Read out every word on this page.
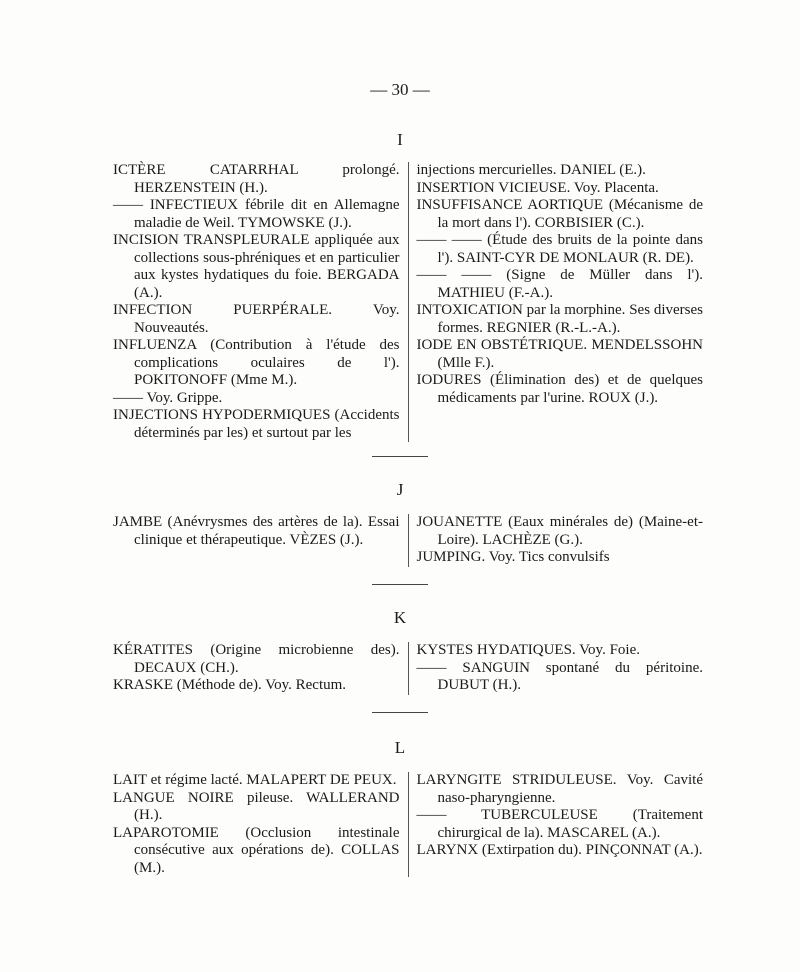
— 30 —
I

ICTÈRE CATARRHAL prolongé. HERZENSTEIN (H.).

—— INFECTIEUX fébrile dit en Allemagne maladie de Weil. TYMOWSKE (J.).

INCISION TRANSPLEURALE appliquée aux collections sous-phréniques et en particulier aux kystes hydatiques du foie. BERGADA (A.).

INFECTION PUERPÉRALE. Voy. Nouveautés.

INFLUENZA (Contribution à l'étude des complications oculaires de l'). POKITONOFF (Mme M.).

—— Voy. Grippe.

INJECTIONS HYPODERMIQUES (Accidents déterminés par les) et surtout par les

injections mercurielles. DANIEL (E.).

INSERTION VICIEUSE. Voy. Placenta.

INSUFFISANCE AORTIQUE (Mécanisme de la mort dans l'). CORBISIER (C.).

—— —— (Étude des bruits de la pointe dans l'). SAINT-CYR DE MONLAUR (R. DE).

—— —— (Signe de Müller dans l'). MATHIEU (F.-A.).

INTOXICATION par la morphine. Ses diverses formes. REGNIER (R.-L.-A.).

IODE EN OBSTÉTRIQUE. MENDELSSOHN (Mlle F.).

IODURES (Élimination des) et de quelques médicaments par l'urine. ROUX (J.).

J

JAMBE (Anévrysmes des artères de la). Essai clinique et thérapeutique. VÈZES (J.).

JOUANETTE (Eaux minérales de) (Maine-et-Loire). LACHÈZE (G.).

JUMPING. Voy. Tics convulsifs

K

KÉRATITES (Origine microbienne des). DECAUX (CH.).

KRASKE (Méthode de). Voy. Rectum.

KYSTES HYDATIQUES. Voy. Foie.

—— SANGUIN spontané du péritoine. DUBUT (H.).

L

LAIT et régime lacté. MALAPERT DE PEUX.

LANGUE NOIRE pileuse. WALLERAND (H.).

LAPAROTOMIE (Occlusion intestinale consécutive aux opérations de). COLLAS (M.).

LARYNGITE STRIDULEUSE. Voy. Cavité naso-pharyngienne.

—— TUBERCULEUSE (Traitement chirurgical de la). MASCAREL (A.).

LARYNX (Extirpation du). PINÇONNAT (A.).
